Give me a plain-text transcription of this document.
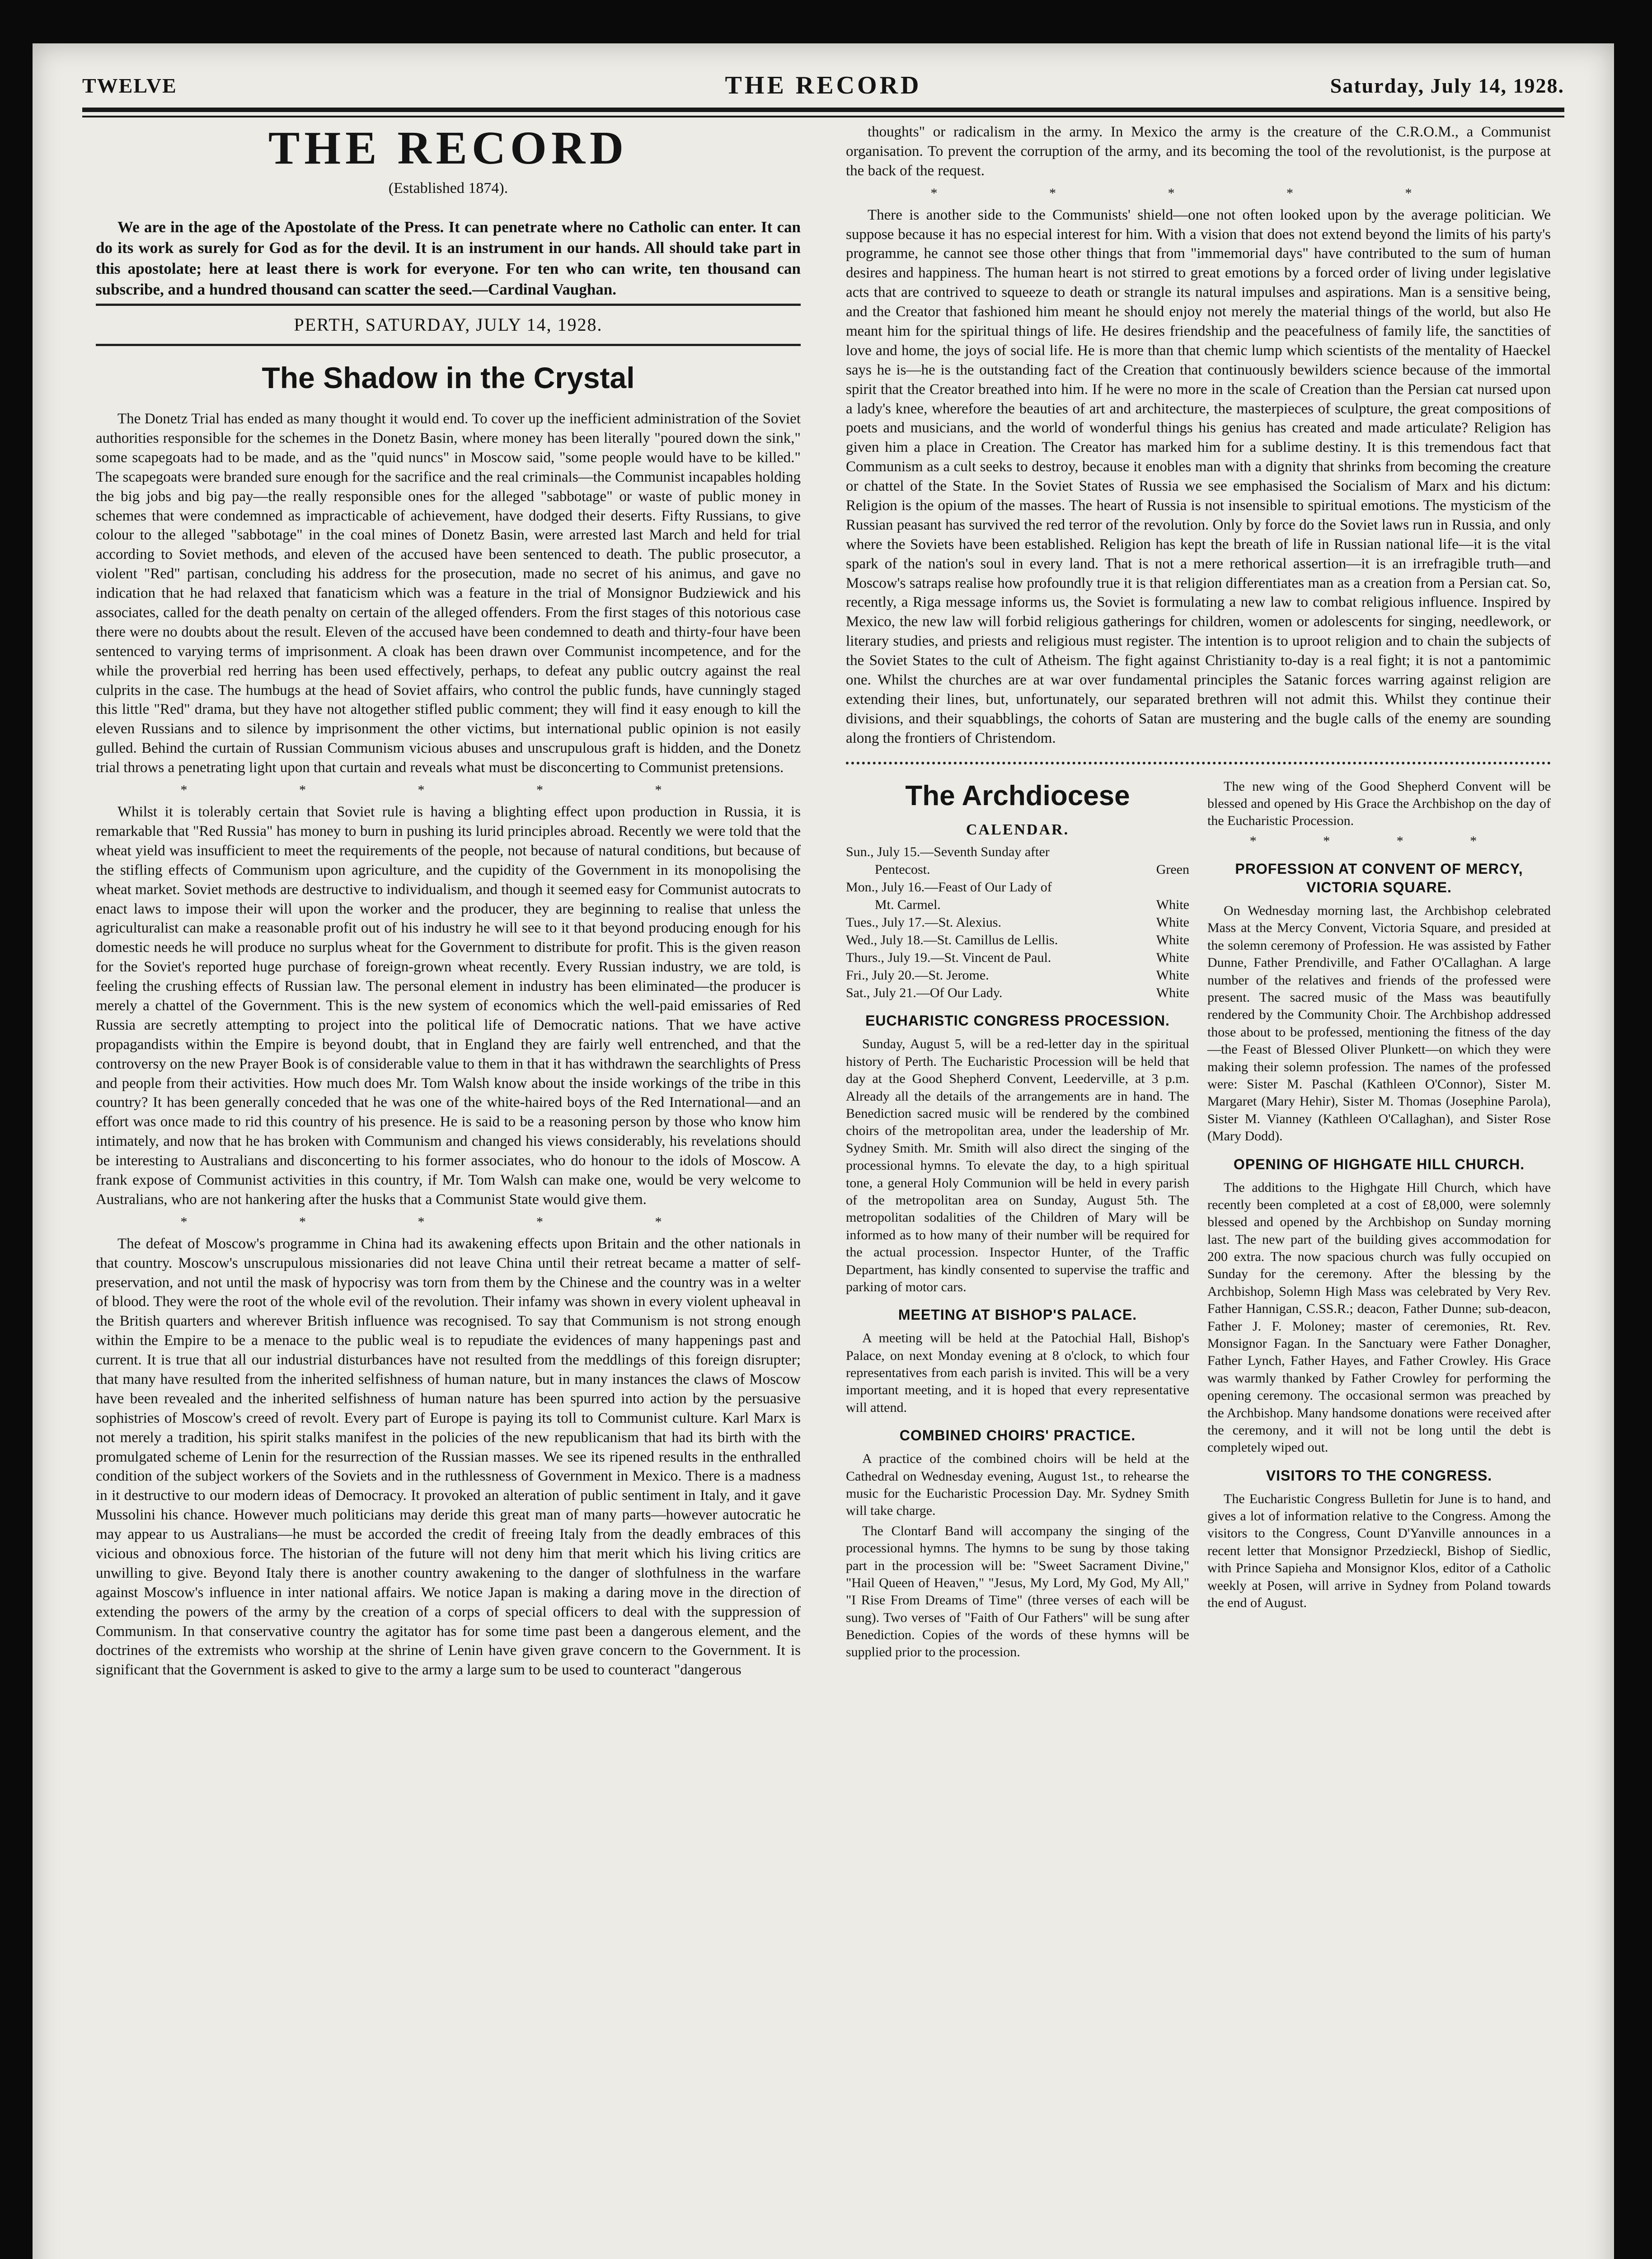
TWELVE	THE RECORD	Saturday, July 14, 1928.
THE RECORD
(Established 1874).

We are in the age of the Apostolate of the Press. It can penetrate where no Catholic can enter. It can do its work as surely for God as for the devil. It is an instrument in our hands. All should take part in this apostolate; here at least there is work for everyone. For ten who can write, ten thousand can subscribe, and a hundred thousand can scatter the seed.—Cardinal Vaughan.

PERTH, SATURDAY, JULY 14, 1928.
The Shadow in the Crystal

The Donetz Trial has ended as many thought it would end. To cover up the inefficient administration of the Soviet authorities responsible for the schemes in the Donetz Basin, where money has been literally "poured down the sink," some scapegoats had to be made, and as the "quid nuncs" in Moscow said, "some people would have to be killed." The scapegoats were branded sure enough for the sacrifice and the real criminals—the Communist incapables holding the big jobs and big pay—the really responsible ones for the alleged "sabbotage" or waste of public money in schemes that were condemned as impracticable of achievement, have dodged their deserts. Fifty Russians, to give colour to the alleged "sabbotage" in the coal mines of Donetz Basin, were arrested last March and held for trial according to Soviet methods, and eleven of the accused have been sentenced to death. The public prosecutor, a violent "Red" partisan, concluding his address for the prosecution, made no secret of his animus, and gave no indication that he had relaxed that fanaticism which was a feature in the trial of Monsignor Budziewick and his associates, called for the death penalty on certain of the alleged offenders. From the first stages of this notorious case there were no doubts about the result. Eleven of the accused have been condemned to death and thirty-four have been sentenced to varying terms of imprisonment. A cloak has been drawn over Communist incompetence, and for the while the proverbial red herring has been used effectively, perhaps, to defeat any public outcry against the real culprits in the case. The humbugs at the head of Soviet affairs, who control the public funds, have cunningly staged this little "Red" drama, but they have not altogether stifled public comment; they will find it easy enough to kill the eleven Russians and to silence by imprisonment the other victims, but international public opinion is not easily gulled. Behind the curtain of Russian Communism vicious abuses and unscrupulous graft is hidden, and the Donetz trial throws a penetrating light upon that curtain and reveals what must be disconcerting to Communist pretensions.

* * * * *

Whilst it is tolerably certain that Soviet rule is having a blighting effect upon production in Russia, it is remarkable that "Red Russia" has money to burn in pushing its lurid principles abroad. Recently we were told that the wheat yield was insufficient to meet the requirements of the people, not because of natural conditions, but because of the stifling effects of Communism upon agriculture, and the cupidity of the Government in its monopolising the wheat market. Soviet methods are destructive to individualism, and though it seemed easy for Communist autocrats to enact laws to impose their will upon the worker and the producer, they are beginning to realise that unless the agriculturalist can make a reasonable profit out of his industry he will see to it that beyond producing enough for his domestic needs he will produce no surplus wheat for the Government to distribute for profit. This is the given reason for the Soviet's reported huge purchase of foreign-grown wheat recently. Every Russian industry, we are told, is feeling the crushing effects of Russian law. The personal element in industry has been eliminated—the producer is merely a chattel of the Government. This is the new system of economics which the well-paid emissaries of Red Russia are secretly attempting to project into the political life of Democratic nations. That we have active propagandists within the Empire is beyond doubt, that in England they are fairly well entrenched, and that the controversy on the new Prayer Book is of considerable value to them in that it has withdrawn the searchlights of Press and people from their activities. How much does Mr. Tom Walsh know about the inside workings of the tribe in this country? It has been generally conceded that he was one of the white-haired boys of the Red International—and an effort was once made to rid this country of his presence. He is said to be a reasoning person by those who know him intimately, and now that he has broken with Communism and changed his views considerably, his revelations should be interesting to Australians and disconcerting to his former associates, who do honour to the idols of Moscow. A frank expose of Communist activities in this country, if Mr. Tom Walsh can make one, would be very welcome to Australians, who are not hankering after the husks that a Communist State would give them.

* * * * *

The defeat of Moscow's programme in China had its awakening effects upon Britain and the other nationals in that country. Moscow's unscrupulous missionaries did not leave China until their retreat became a matter of self-preservation, and not until the mask of hypocrisy was torn from them by the Chinese and the country was in a welter of blood. They were the root of the whole evil of the revolution. Their infamy was shown in every violent upheaval in the British quarters and wherever British influence was recognised. To say that Communism is not strong enough within the Empire to be a menace to the public weal is to repudiate the evidences of many happenings past and current. It is true that all our industrial disturbances have not resulted from the meddlings of this foreign disrupter; that many have resulted from the inherited selfishness of human nature, but in many instances the claws of Moscow have been revealed and the inherited selfishness of human nature has been spurred into action by the persuasive sophistries of Moscow's creed of revolt. Every part of Europe is paying its toll to Communist culture. Karl Marx is not merely a tradition, his spirit stalks manifest in the policies of the new republicanism that had its birth with the promulgated scheme of Lenin for the resurrection of the Russian masses. We see its ripened results in the enthralled condition of the subject workers of the Soviets and in the ruthlessness of Government in Mexico. There is a madness in it destructive to our modern ideas of Democracy. It provoked an alteration of public sentiment in Italy, and it gave Mussolini his chance. However much politicians may deride this great man of many parts—however autocratic he may appear to us Australians—he must be accorded the credit of freeing Italy from the deadly embraces of this vicious and obnoxious force. The historian of the future will not deny him that merit which his living critics are unwilling to give. Beyond Italy there is another country awakening to the danger of slothfulness in the warfare against Moscow's influence in inter national affairs. We notice Japan is making a daring move in the direction of extending the powers of the army by the creation of a corps of special officers to deal with the suppression of Communism. In that conservative country the agitator has for some time past been a dangerous element, and the doctrines of the extremists who worship at the shrine of Lenin have given grave concern to the Government. It is significant that the Government is asked to give to the army a large sum to be used to counteract "dangerous

thoughts" or radicalism in the army. In Mexico the army is the creature of the C.R.O.M., a Communist organisation. To prevent the corruption of the army, and its becoming the tool of the revolutionist, is the purpose at the back of the request.

* * * * *

There is another side to the Communists' shield—one not often looked upon by the average politician. We suppose because it has no especial interest for him. With a vision that does not extend beyond the limits of his party's programme, he cannot see those other things that from "immemorial days" have contributed to the sum of human desires and happiness. The human heart is not stirred to great emotions by a forced order of living under legislative acts that are contrived to squeeze to death or strangle its natural impulses and aspirations. Man is a sensitive being, and the Creator that fashioned him meant he should enjoy not merely the material things of the world, but also He meant him for the spiritual things of life. He desires friendship and the peacefulness of family life, the sanctities of love and home, the joys of social life. He is more than that chemic lump which scientists of the mentality of Haeckel says he is—he is the outstanding fact of the Creation that continuously bewilders science because of the immortal spirit that the Creator breathed into him. If he were no more in the scale of Creation than the Persian cat nursed upon a lady's knee, wherefore the beauties of art and architecture, the masterpieces of sculpture, the great compositions of poets and musicians, and the world of wonderful things his genius has created and made articulate? Religion has given him a place in Creation. The Creator has marked him for a sublime destiny. It is this tremendous fact that Communism as a cult seeks to destroy, because it enobles man with a dignity that shrinks from becoming the creature or chattel of the State. In the Soviet States of Russia we see emphasised the Socialism of Marx and his dictum: Religion is the opium of the masses. The heart of Russia is not insensible to spiritual emotions. The mysticism of the Russian peasant has survived the red terror of the revolution. Only by force do the Soviet laws run in Russia, and only where the Soviets have been established. Religion has kept the breath of life in Russian national life—it is the vital spark of the nation's soul in every land. That is not a mere rethorical assertion—it is an irrefragible truth—and Moscow's satraps realise how profoundly true it is that religion differentiates man as a creation from a Persian cat. So, recently, a Riga message informs us, the Soviet is formulating a new law to combat religious influence. Inspired by Mexico, the new law will forbid religious gatherings for children, women or adolescents for singing, needlework, or literary studies, and priests and religious must register. The intention is to uproot religion and to chain the subjects of the Soviet States to the cult of Atheism. The fight against Christianity to-day is a real fight; it is not a pantomimic one. Whilst the churches are at war over fundamental principles the Satanic forces warring against religion are extending their lines, but, unfortunately, our separated brethren will not admit this. Whilst they continue their divisions, and their squabblings, the cohorts of Satan are mustering and the bugle calls of the enemy are sounding along the frontiers of Christendom.

The Archdiocese
CALENDAR.
Sun., July 15.—Seventh Sunday after
Pentecost.	Green
Mon., July 16.—Feast of Our Lady of
Mt. Carmel.	White
Tues., July 17.—St. Alexius.	White
Wed., July 18.—St. Camillus de Lellis.	White
Thurs., July 19.—St. Vincent de Paul.	White
Fri., July 20.—St. Jerome.	White
Sat., July 21.—Of Our Lady.	White
EUCHARISTIC CONGRESS PROCESSION.

Sunday, August 5, will be a red-letter day in the spiritual history of Perth. The Eucharistic Procession will be held that day at the Good Shepherd Convent, Leederville, at 3 p.m. Already all the details of the arrangements are in hand. The Benediction sacred music will be rendered by the combined choirs of the metropolitan area, under the leadership of Mr. Sydney Smith. Mr. Smith will also direct the singing of the processional hymns. To elevate the day, to a high spiritual tone, a general Holy Communion will be held in every parish of the metropolitan area on Sunday, August 5th. The metropolitan sodalities of the Children of Mary will be informed as to how many of their number will be required for the actual procession. Inspector Hunter, of the Traffic Department, has kindly consented to supervise the traffic and parking of motor cars.

MEETING AT BISHOP'S PALACE.

A meeting will be held at the Patochial Hall, Bishop's Palace, on next Monday evening at 8 o'clock, to which four representatives from each parish is invited. This will be a very important meeting, and it is hoped that every representative will attend.

COMBINED CHOIRS' PRACTICE.

A practice of the combined choirs will be held at the Cathedral on Wednesday evening, August 1st., to rehearse the music for the Eucharistic Procession Day. Mr. Sydney Smith will take charge.

The Clontarf Band will accompany the singing of the processional hymns. The hymns to be sung by those taking part in the procession will be: "Sweet Sacrament Divine," "Hail Queen of Heaven," "Jesus, My Lord, My God, My All," "I Rise From Dreams of Time" (three verses of each will be sung). Two verses of "Faith of Our Fathers" will be sung after Benediction. Copies of the words of these hymns will be supplied prior to the procession.

The new wing of the Good Shepherd Convent will be blessed and opened by His Grace the Archbishop on the day of the Eucharistic Procession.

* * * *

PROFESSION AT CONVENT OF MERCY, VICTORIA SQUARE.

On Wednesday morning last, the Archbishop celebrated Mass at the Mercy Convent, Victoria Square, and presided at the solemn ceremony of Profession. He was assisted by Father Dunne, Father Prendiville, and Father O'Callaghan. A large number of the relatives and friends of the professed were present. The sacred music of the Mass was beautifully rendered by the Community Choir. The Archbishop addressed those about to be professed, mentioning the fitness of the day—the Feast of Blessed Oliver Plunkett—on which they were making their solemn profession. The names of the professed were: Sister M. Paschal (Kathleen O'Connor), Sister M. Margaret (Mary Hehir), Sister M. Thomas (Josephine Parola), Sister M. Vianney (Kathleen O'Callaghan), and Sister Rose (Mary Dodd).

OPENING OF HIGHGATE HILL CHURCH.

The additions to the Highgate Hill Church, which have recently been completed at a cost of £8,000, were solemnly blessed and opened by the Archbishop on Sunday morning last. The new part of the building gives accommodation for 200 extra. The now spacious church was fully occupied on Sunday for the ceremony. After the blessing by the Archbishop, Solemn High Mass was celebrated by Very Rev. Father Hannigan, C.SS.R.; deacon, Father Dunne; sub-deacon, Father J. F. Moloney; master of ceremonies, Rt. Rev. Monsignor Fagan. In the Sanctuary were Father Donagher, Father Lynch, Father Hayes, and Father Crowley. His Grace was warmly thanked by Father Crowley for performing the opening ceremony. The occasional sermon was preached by the Archbishop. Many handsome donations were received after the ceremony, and it will not be long until the debt is completely wiped out.

VISITORS TO THE CONGRESS.

The Eucharistic Congress Bulletin for June is to hand, and gives a lot of information relative to the Congress. Among the visitors to the Congress, Count D'Yanville announces in a recent letter that Monsignor Przedzieckl, Bishop of Siedlic, with Prince Sapieha and Monsignor Klos, editor of a Catholic weekly at Posen, will arrive in Sydney from Poland towards the end of August.
